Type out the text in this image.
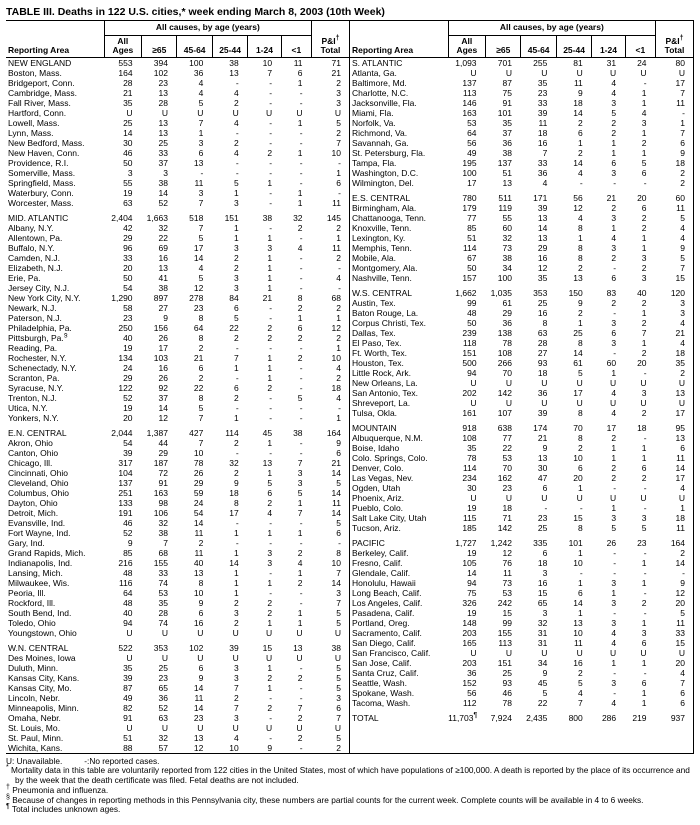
TABLE III. Deaths in 122 U.S. cities,* week ending March 8, 2003 (10th Week)
Reporting Area	All causes, by age (years)						P&I†
Total
	All Ages	≥65	45-64	25-44	1-24	<1	
NEW ENGLAND	553	394	100	38	10	11	71
Boston, Mass.	164	102	36	13	7	6	21
Bridgeport, Conn.	28	23	4	-	-	1	2
Cambridge, Mass.	21	13	4	4	-	-	3
Fall River, Mass.	35	28	5	2	-	-	3
Hartford, Conn.	U	U	U	U	U	U	U
Lowell, Mass.	25	13	7	4	-	1	5
Lynn, Mass.	14	13	1	-	-	-	2
New Bedford, Mass.	30	25	3	2	-	-	7
New Haven, Conn.	46	33	6	4	2	1	10
Providence, R.I.	50	37	13	-	-	-	-
Somerville, Mass.	3	3	-	-	-	-	1
Springfield, Mass.	55	38	11	5	1	-	6
Waterbury, Conn.	19	14	3	1	-	1	-
Worcester, Mass.	63	52	7	3	-	1	11
MID. ATLANTIC	2,404	1,663	518	151	38	32	145
Albany, N.Y.	42	32	7	1	-	2	2
Allentown, Pa.	29	22	5	1	1	-	1
Buffalo, N.Y.	96	69	17	3	3	4	11
Camden, N.J.	33	16	14	2	1	-	2
Elizabeth, N.J.	20	13	4	2	1	-	-
Erie, Pa.	50	41	5	3	1	-	4
Jersey City, N.J.	54	38	12	3	1	-	-
New York City, N.Y.	1,290	897	278	84	21	8	68
Newark, N.J.	58	27	23	6	-	2	2
Paterson, N.J.	23	9	8	5	-	1	1
Philadelphia, Pa.	250	156	64	22	2	6	12
Pittsburgh, Pa.§	40	26	8	2	2	2	2
Reading, Pa.	19	17	2	-	-	-	1
Rochester, N.Y.	134	103	21	7	1	2	10
Schenectady, N.Y.	24	16	6	1	1	-	4
Scranton, Pa.	29	26	2	-	1	-	2
Syracuse, N.Y.	122	92	22	6	2	-	18
Trenton, N.J.	52	37	8	2	-	5	4
Utica, N.Y.	19	14	5	-	-	-	-
Yonkers, N.Y.	20	12	7	1	-	-	1
E.N. CENTRAL	2,044	1,387	427	114	45	38	164
Akron, Ohio	54	44	7	2	1	-	9
Canton, Ohio	39	29	10	-	-	-	6
Chicago, Ill.	317	187	78	32	13	7	21
Cincinnati, Ohio	104	72	26	2	1	3	14
Cleveland, Ohio	137	91	29	9	5	3	5
Columbus, Ohio	251	163	59	18	6	5	14
Dayton, Ohio	133	98	24	8	2	1	11
Detroit, Mich.	191	106	54	17	4	7	14
Evansville, Ind.	46	32	14	-	-	-	5
Fort Wayne, Ind.	52	38	11	1	1	1	6
Gary, Ind.	9	7	2	-	-	-	-
Grand Rapids, Mich.	85	68	11	1	3	2	8
Indianapolis, Ind.	216	155	40	14	3	4	10
Lansing, Mich.	48	33	13	1	-	1	7
Milwaukee, Wis.	116	74	8	1	1	2	14
Peoria, Ill.	64	53	10	1	-	-	3
Rockford, Ill.	48	35	9	2	2	-	7
South Bend, Ind.	40	28	6	3	2	1	5
Toledo, Ohio	94	74	16	2	1	1	5
Youngstown, Ohio	U	U	U	U	U	U	U
W.N. CENTRAL	522	353	102	39	15	13	38
Des Moines, Iowa	U	U	U	U	U	U	U
Duluth, Minn.	35	25	6	3	1	-	5
Kansas City, Kans.	39	23	9	3	2	2	5
Kansas City, Mo.	87	65	14	7	1	-	5
Lincoln, Nebr.	49	36	11	2	-	-	3
Minneapolis, Minn.	82	52	14	7	2	7	6
Omaha, Nebr.	91	63	23	3	-	2	7
St. Louis, Mo.	U	U	U	U	U	U	U
St. Paul, Minn.	51	32	13	4	-	2	5
Wichita, Kans.	88	57	12	10	9	-	2
Reporting Area	All causes, by age (years)						P&I†
Total
	All Ages	≥65	45-64	25-44	1-24	<1	
S. ATLANTIC	1,093	701	255	81	31	24	80
Atlanta, Ga.	U	U	U	U	U	U	U
Baltimore, Md.	137	87	35	11	4	-	17
Charlotte, N.C.	113	75	23	9	4	1	7
Jacksonville, Fla.	146	91	33	18	3	1	11
Miami, Fla.	163	101	39	14	5	4	-
Norfolk, Va.	53	35	11	2	2	3	1
Richmond, Va.	64	37	18	6	2	1	7
Savannah, Ga.	56	36	16	1	1	2	6
St. Petersburg, Fla.	49	38	7	2	1	1	9
Tampa, Fla.	195	137	33	14	6	5	18
Washington, D.C.	100	51	36	4	3	6	2
Wilmington, Del.	17	13	4	-	-	-	2
E.S. CENTRAL	780	511	171	56	21	20	60
Birmingham, Ala.	179	119	39	12	2	6	11
Chattanooga, Tenn.	77	55	13	4	3	2	5
Knoxville, Tenn.	85	60	14	8	1	2	4
Lexington, Ky.	51	32	13	1	4	1	4
Memphis, Tenn.	114	73	29	8	3	1	9
Mobile, Ala.	67	38	16	8	2	3	5
Montgomery, Ala.	50	34	12	2	-	2	7
Nashville, Tenn.	157	100	35	13	6	3	15
W.S. CENTRAL	1,662	1,035	353	150	83	40	120
Austin, Tex.	99	61	25	9	2	2	3
Baton Rouge, La.	48	29	16	2	-	1	3
Corpus Christi, Tex.	50	36	8	1	3	2	4
Dallas, Tex.	239	138	63	25	6	7	21
El Paso, Tex.	118	78	28	8	3	1	4
Ft. Worth, Tex.	151	108	27	14	-	2	18
Houston, Tex.	500	266	93	61	60	20	35
Little Rock, Ark.	94	70	18	5	1	-	2
New Orleans, La.	U	U	U	U	U	U	U
San Antonio, Tex.	202	142	36	17	4	3	13
Shreveport, La.	U	U	U	U	U	U	U
Tulsa, Okla.	161	107	39	8	4	2	17
MOUNTAIN	918	638	174	70	17	18	95
Albuquerque, N.M.	108	77	21	8	2	-	13
Boise, Idaho	35	22	9	2	1	1	6
Colo. Springs, Colo.	78	53	13	10	1	1	11
Denver, Colo.	114	70	30	6	2	6	14
Las Vegas, Nev.	234	162	47	20	2	2	17
Ogden, Utah	30	23	6	1	-	-	4
Phoenix, Ariz.	U	U	U	U	U	U	U
Pueblo, Colo.	19	18	-	-	1	-	1
Salt Lake City, Utah	115	71	23	15	3	3	18
Tucson, Ariz.	185	142	25	8	5	5	11
PACIFIC	1,727	1,242	335	101	26	23	164
Berkeley, Calif.	19	12	6	1	-	-	2
Fresno, Calif.	105	76	18	10	-	1	14
Glendale, Calif.	14	11	3	-	-	-	-
Honolulu, Hawaii	94	73	16	1	3	1	9
Long Beach, Calif.	75	53	15	6	1	-	12
Los Angeles, Calif.	326	242	65	14	3	2	20
Pasadena, Calif.	19	15	3	1	-	-	5
Portland, Oreg.	148	99	32	13	3	1	11
Sacramento, Calif.	203	155	31	10	4	3	33
San Diego, Calif.	165	113	31	11	4	6	15
San Francisco, Calif.	U	U	U	U	U	U	U
San Jose, Calif.	203	151	34	16	1	1	20
Santa Cruz, Calif.	36	25	9	2	-	-	4
Seattle, Wash.	152	93	45	5	3	6	7
Spokane, Wash.	56	46	5	4	-	1	6
Tacoma, Wash.	112	78	22	7	4	1	6
TOTAL	11,703¶	7,924	2,435	800	286	219	937
U: Unavailable.	-:No reported cases.
* Mortality data in this table are voluntarily reported from 122 cities in the United States, most of which have populations of ≥100,000. A death is reported by the place of its occurrence and by the week that the death certificate was filed. Fetal deaths are not included.
† Pneumonia and influenza.
§ Because of changes in reporting methods in this Pennsylvania city, these numbers are partial counts for the current week. Complete counts will be available in 4 to 6 weeks.
¶ Total includes unknown ages.
